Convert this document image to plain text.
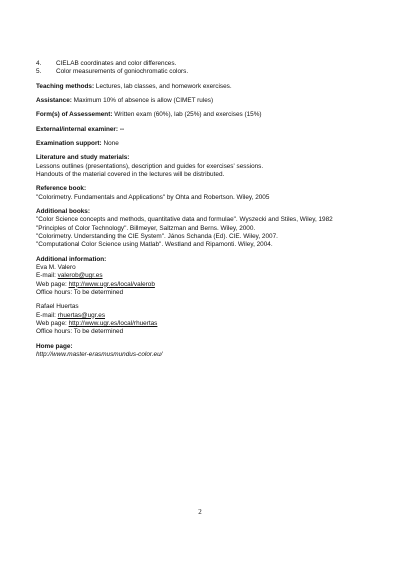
4.	CIELAB coordinates and color differences.
5.	Color measurements of goniochromatic colors.

Teaching methods: Lectures, lab classes, and homework exercises.

Assistance: Maximum 10% of absence is allow (CIMET rules)

Form(s) of Assessement: Written exam (60%), lab (25%) and exercises (15%)

External/internal examiner: --

Examination support: None

Literature and study materials:

Lessons outlines (presentations), description and guides for exercises' sessions.

Handouts of the material covered in the lectures will be distributed.

Reference book:

"Colorimetry. Fundamentals and Applications" by Ohta and Robertson. Wiley, 2005

Additional books:

"Color Science concepts and methods, quantitative data and formulae". Wyszecki and Stiles, Wiley, 1982

"Principles of Color Technology". Billmeyer, Saltzman and Berns. Wiley, 2000.

"Colorimetry. Understanding the CIE System". János Schanda (Ed). CIE. Wiley, 2007.

"Computational Color Science using Matlab". Westland and Ripamonti. Wiley, 2004.

Additional information:

Eva M. Valero

E-mail: valerob@ugr.es

Web page: http://www.ugr.es/local/valerob

Office hours: To be determined

Rafael Huertas

E-mail: rhuertas@ugr.es

Web page: http://www.ugr.es/local/rhuertas

Office hours: To be determined

Home page:

http://www.master-erasmusmundus-color.eu/

2
